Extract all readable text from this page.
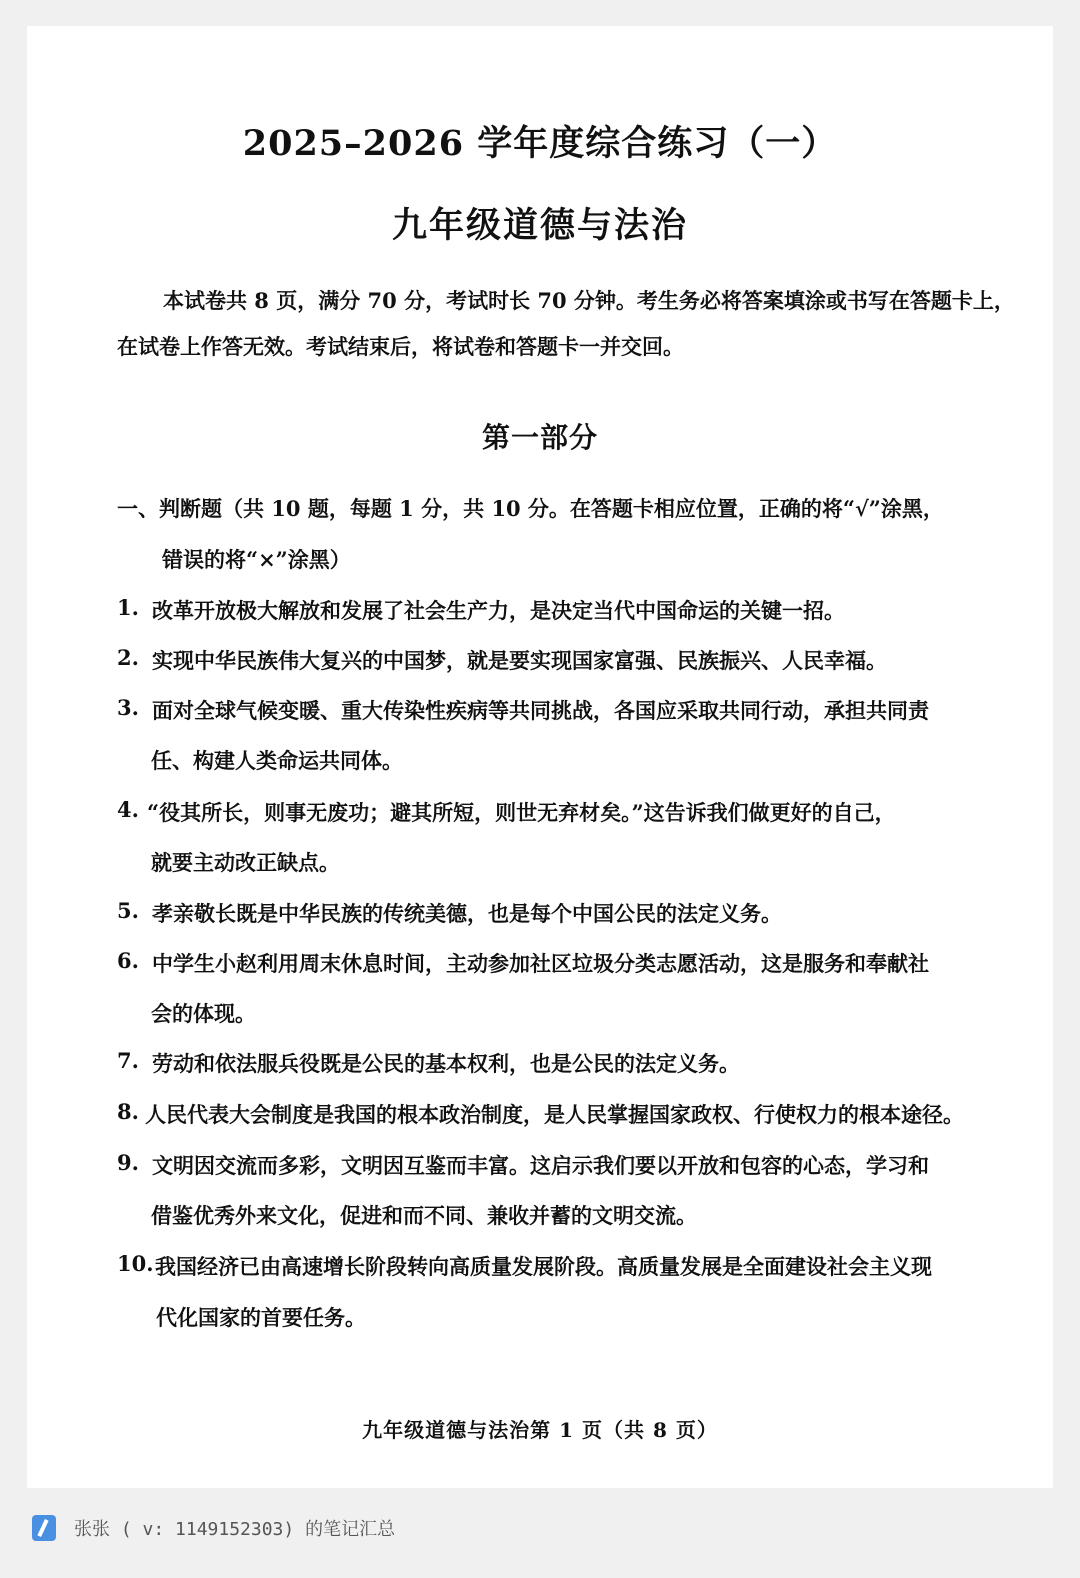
2025–2026 学年度综合练习（一）
九年级道德与法治
本试卷共 8 页，满分 70 分，考试时长 70 分钟。考生务必将答案填涂或书写在答题卡上，在试卷上作答无效。考试结束后，将试卷和答题卡一并交回。
第一部分
一、判断题（共 10 题，每题 1 分，共 10 分。在答题卡相应位置，正确的将“√”涂黑，
错误的将“×”涂黑）
1. 改革开放极大解放和发展了社会生产力，是决定当代中国命运的关键一招。
2. 实现中华民族伟大复兴的中国梦，就是要实现国家富强、民族振兴、人民幸福。
3. 面对全球气候变暖、重大传染性疾病等共同挑战，各国应采取共同行动，承担共同责
任、构建人类命运共同体。
4. “役其所长，则事无废功；避其所短，则世无弃材矣。”这告诉我们做更好的自己，
就要主动改正缺点。
5. 孝亲敬长既是中华民族的传统美德，也是每个中国公民的法定义务。
6. 中学生小赵利用周末休息时间，主动参加社区垃圾分类志愿活动，这是服务和奉献社
会的体现。
7. 劳动和依法服兵役既是公民的基本权利，也是公民的法定义务。
8. 人民代表大会制度是我国的根本政治制度，是人民掌握国家政权、行使权力的根本途径。
9. 文明因交流而多彩，文明因互鉴而丰富。这启示我们要以开放和包容的心态，学习和
借鉴优秀外来文化，促进和而不同、兼收并蓄的文明交流。
10. 我国经济已由高速增长阶段转向高质量发展阶段。高质量发展是全面建设社会主义现
代化国家的首要任务。
九年级道德与法治第 1 页（共 8 页）
张张 ( v: 1149152303) 的笔记汇总
